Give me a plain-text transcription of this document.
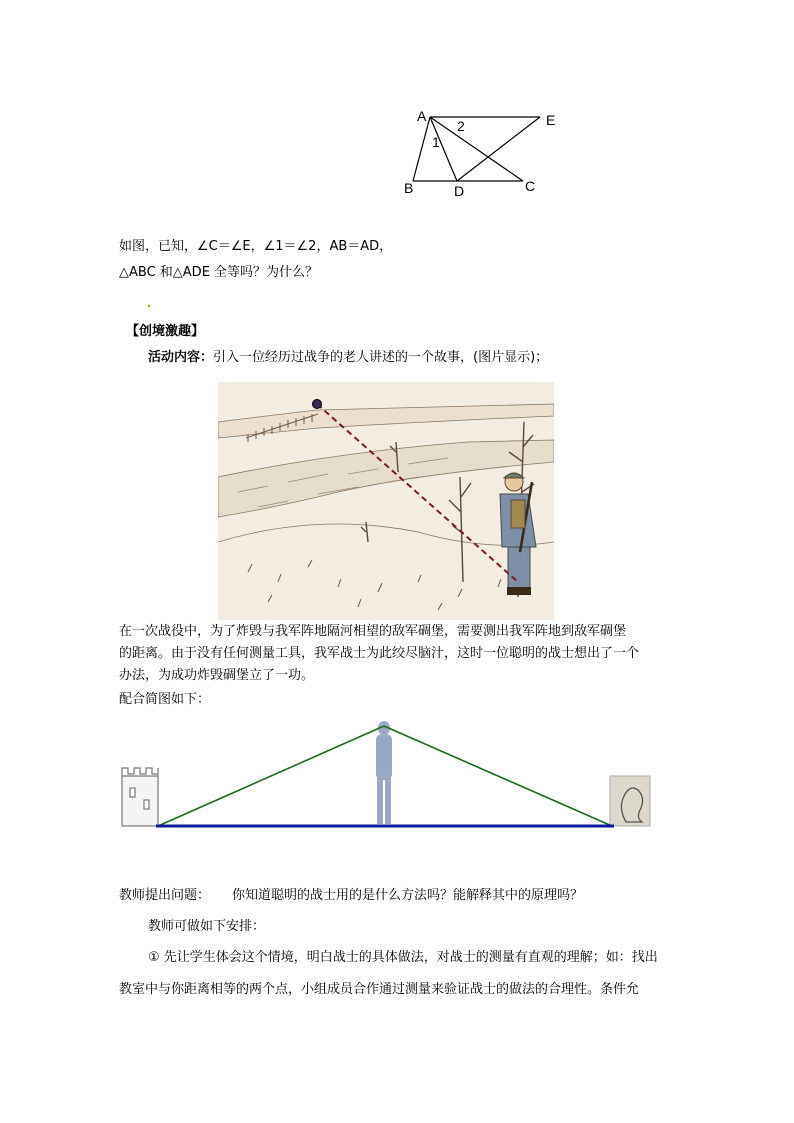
A	E
B	D	C
1
2
如图，已知，∠C＝∠E，∠1＝∠2，AB＝AD，
△ABC 和△ADE 全等吗？为什么？
【创境激趣】
活动内容：引入一位经历过战争的老人讲述的一个故事，(图片显示)；
在一次战役中，为了炸毁与我军阵地隔河相望的敌军碉堡，需要测出我军阵地到敌军碉堡
的距离。由于没有任何测量工具，我军战士为此绞尽脑汁，这时一位聪明的战士想出了一个
办法，为成功炸毁碉堡立了一功。
配合简图如下：
教师提出问题： 你知道聪明的战士用的是什么方法吗？能解释其中的原理吗？
教师可做如下安排：
① 先让学生体会这个情境，明白战士的具体做法，对战士的测量有直观的理解；如：找出
教室中与你距离相等的两个点，小组成员合作通过测量来验证战士的做法的合理性。条件允
